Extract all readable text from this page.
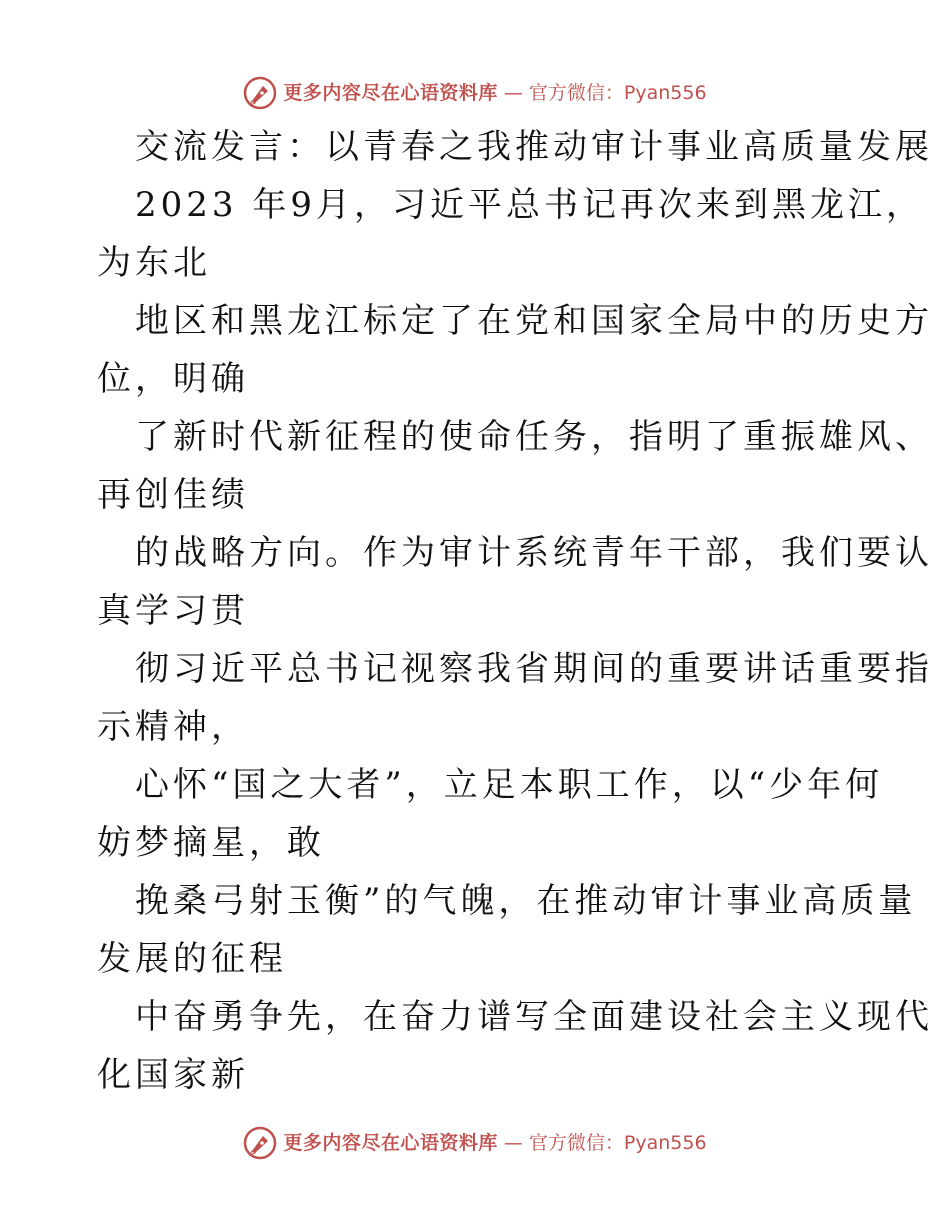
更多内容尽在心语资料库 — 官方微信：Pyan556
交流发言：以青春之我推动审计事业高质量发展
2023 年9月，习近平总书记再次来到黑龙江，
为东北
地区和黑龙江标定了在党和国家全局中的历史方
位，明确
了新时代新征程的使命任务，指明了重振雄风、
再创佳绩
的战略方向。作为审计系统青年干部，我们要认
真学习贯
彻习近平总书记视察我省期间的重要讲话重要指
示精神，
心怀“国之大者”，立足本职工作，以“少年何
妨梦摘星，敢
挽桑弓射玉衡”的气魄，在推动审计事业高质量
发展的征程
中奋勇争先，在奋力谱写全面建设社会主义现代
化国家新
更多内容尽在心语资料库 — 官方微信：Pyan556
